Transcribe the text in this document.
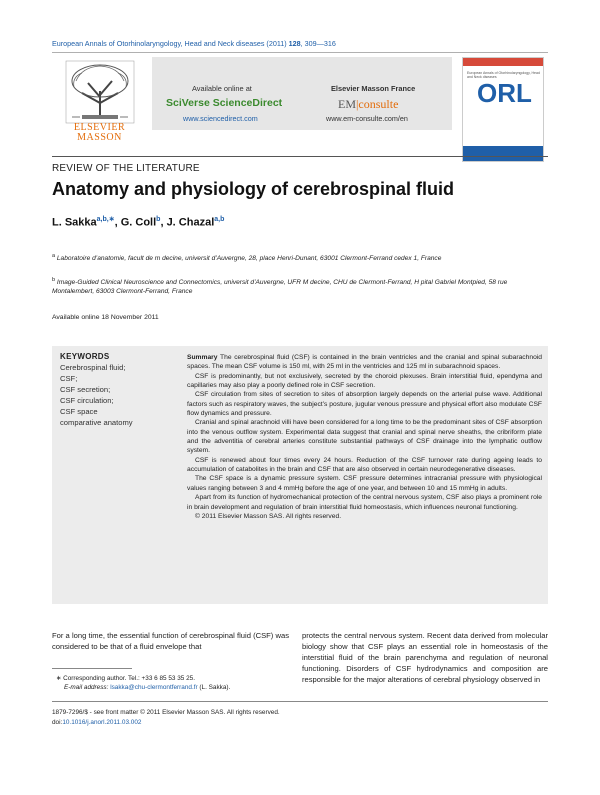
European Annals of Otorhinolaryngology, Head and Neck diseases (2011) 128, 309—316
ELSEVIER
MASSON
Available online at
SciVerse ScienceDirect
www.sciencedirect.com
Elsevier Masson France
EM|consulte
www.em-consulte.com/en
European Annals of Otorhinolaryngology, Head and Neck diseases
ORL
REVIEW OF THE LITERATURE
Anatomy and physiology of cerebrospinal fluid
L. Sakka$^{a,b,∗}$, G. Coll$^b$, J. Chazal$^{a,b}$
$^a$ Laboratoire d’anatomie, facult de m decine, universit d’Auvergne, 28, place Henri-Dunant, 63001 Clermont-Ferrand cedex 1, France
$^b$ Image-Guided Clinical Neuroscience and Connectomics, universit d’Auvergne, UFR M decine, CHU de Clermont-Ferrand, H pital Gabriel Montpied, 58 rue Montalembert, 63003 Clermont-Ferrand, France
Available online 18 November 2011
KEYWORDS
Cerebrospinal fluid;
CSF;
CSF secretion;
CSF circulation;
CSF space
comparative anatomy

Summary The cerebrospinal fluid (CSF) is contained in the brain ventricles and the cranial and spinal subarachnoid spaces. The mean CSF volume is 150 ml, with 25 ml in the ventricles and 125 ml in subarachnoid spaces.

CSF is predominantly, but not exclusively, secreted by the choroid plexuses. Brain interstitial fluid, ependyma and capillaries may also play a poorly defined role in CSF secretion.

CSF circulation from sites of secretion to sites of absorption largely depends on the arterial pulse wave. Additional factors such as respiratory waves, the subject’s posture, jugular venous pressure and physical effort also modulate CSF flow dynamics and pressure.

Cranial and spinal arachnoid villi have been considered for a long time to be the predominant sites of CSF absorption into the venous outflow system. Experimental data suggest that cranial and spinal nerve sheaths, the cribriform plate and the adventitia of cerebral arteries constitute substantial pathways of CSF drainage into the lymphatic outflow system.

CSF is renewed about four times every 24 hours. Reduction of the CSF turnover rate during ageing leads to accumulation of catabolites in the brain and CSF that are also observed in certain neurodegenerative diseases.

The CSF space is a dynamic pressure system. CSF pressure determines intracranial pressure with physiological values ranging between 3 and 4 mmHg before the age of one year, and between 10 and 15 mmHg in adults.

Apart from its function of hydromechanical protection of the central nervous system, CSF also plays a prominent role in brain development and regulation of brain interstitial fluid homeostasis, which influences neuronal functioning.

© 2011 Elsevier Masson SAS. All rights reserved.

For a long time, the essential function of cerebrospinal fluid (CSF) was considered to be that of a fluid envelope that
protects the central nervous system. Recent data derived from molecular biology show that CSF plays an essential role in homeostasis of the interstitial fluid of the brain parenchyma and regulation of neuronal functioning. Disorders of CSF hydrodynamics and composition are responsible for the major alterations of cerebral physiology observed in
∗ Corresponding author. Tel.: +33 6 85 53 35 25.
E-mail address: lsakka@chu-clermontferrand.fr (L. Sakka).
1879-7296/$ - see front matter © 2011 Elsevier Masson SAS. All rights reserved.
doi:10.1016/j.anorl.2011.03.002
